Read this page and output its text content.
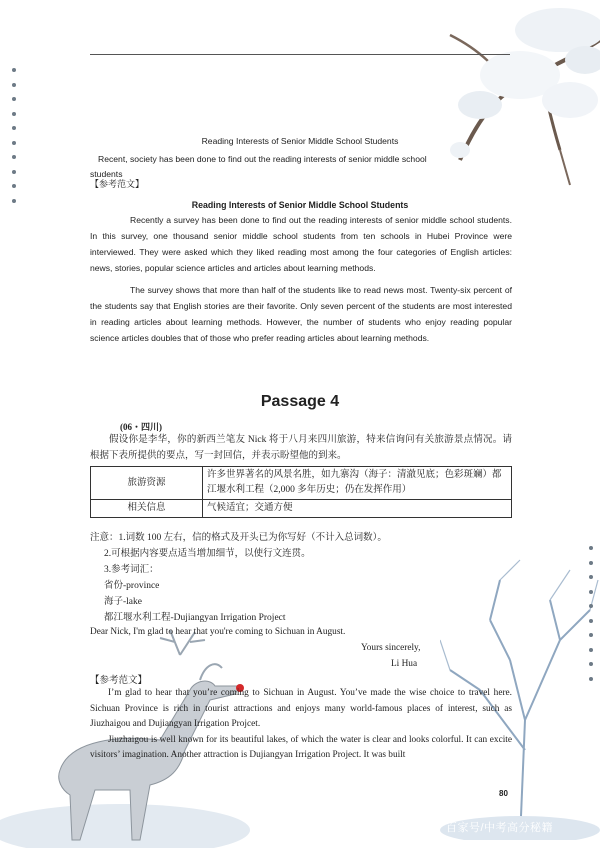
Reading Interests of Senior Middle School Students
Recent, society has been done to find out the reading interests of senior middle school
students
【参考范文】
Reading Interests of Senior Middle School Students

Recently a survey has been done to find out the reading interests of senior middle school students. In this survey, one thousand senior middle school students from ten schools in Hubei Province were interviewed. They were asked which they liked reading most among the four categories of English articles: news, stories, popular science articles and articles about learning methods.

The survey shows that more than half of the students like to read news most. Twenty-six percent of the students say that English stories are their favorite. Only seven percent of the students are most interested in reading articles about learning methods. However, the number of students who enjoy reading popular science articles doubles that of those who prefer reading articles about learning methods.

Passage 4
(06・四川)
假设你是李华，你的新西兰笔友 Nick 将于八月来四川旅游，特来信询问有关旅游景点情况。请根据下表所提供的要点，写一封回信，并表示盼望他的到来。
旅游资源	许多世界著名的风景名胜，如九寨沟（海子：清澈见底；色彩斑斓）都江堰水利工程（2,000 多年历史；仍在发挥作用）
相关信息	气候适宜；交通方便
注意：1.词数 100 左右，信的格式及开头已为你写好（不计入总词数）。
2.可根据内容要点适当增加细节，以使行文连贯。
3.参考词汇：
省份-province
海子-lake
都江堰水利工程-Dujiangyan Irrigation Project
Dear Nick, I'm glad to hear that you're coming to Sichuan in August.
Yours sincerely,
Li Hua
【参考范文】

I’m glad to hear that you’re coming to Sichuan in August. You’ve made the wise choice to travel here. Sichuan Province is rich in tourist attractions and enjoys many world-famous places of interest, such as Jiuzhaigou and Dujiangyan Irrigation Projcet.

Jiuzhaigou is well known for its beautiful lakes, of which the water is clear and looks colorful. It can excite visitors’ imagination. Another attraction is Dujiangyan Irrigation Project. It was built

80
百家号/中考高分秘籍
